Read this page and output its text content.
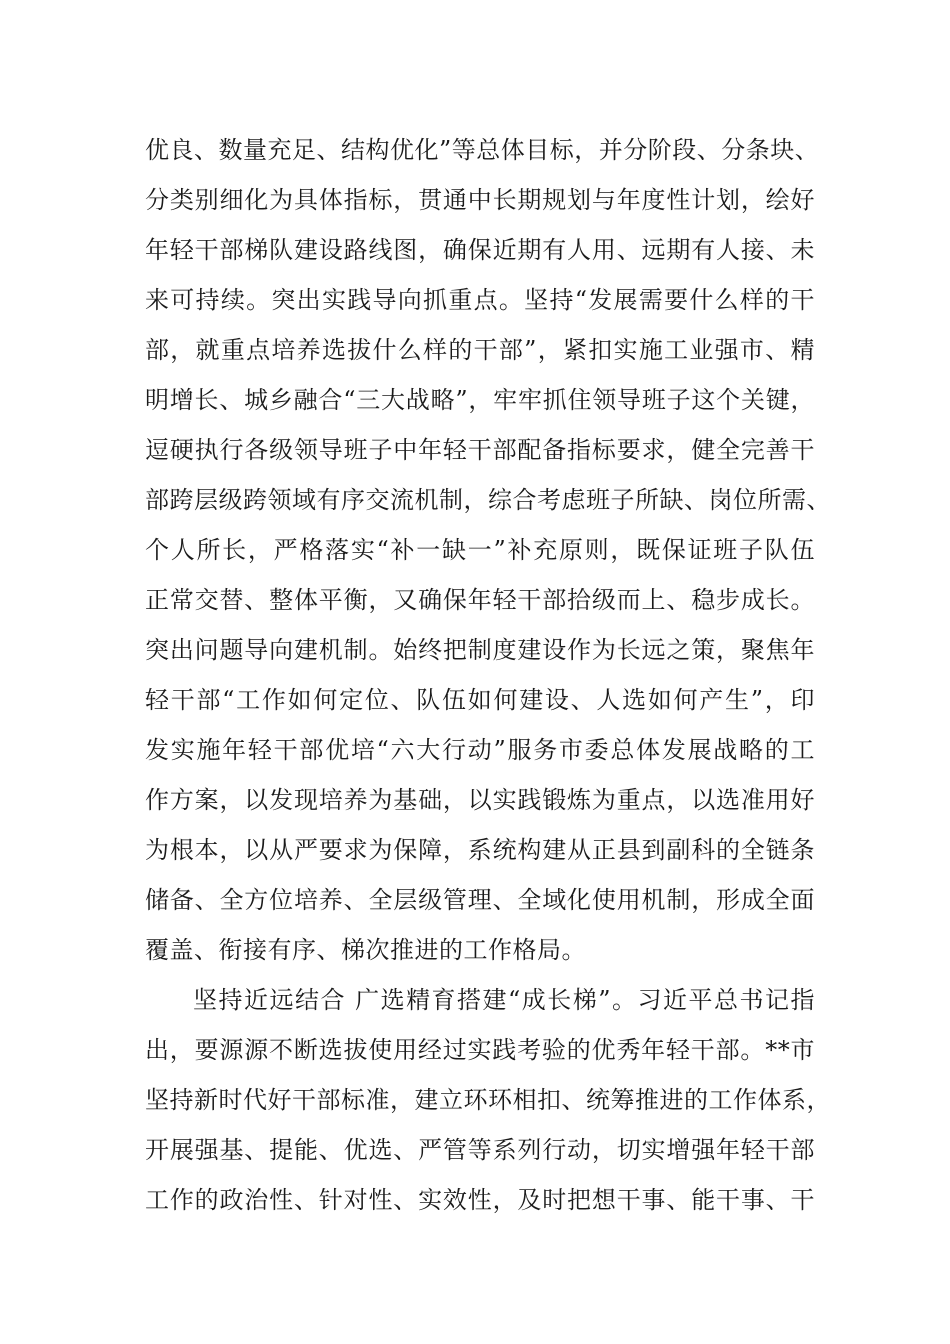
优良、数量充足、结构优化”等总体目标，并分阶段、分条块、
分类别细化为具体指标，贯通中长期规划与年度性计划，绘好
年轻干部梯队建设路线图，确保近期有人用、远期有人接、未
来可持续。突出实践导向抓重点。坚持“发展需要什么样的干
部，就重点培养选拔什么样的干部”，紧扣实施工业强市、精
明增长、城乡融合“三大战略”，牢牢抓住领导班子这个关键，
逗硬执行各级领导班子中年轻干部配备指标要求，健全完善干
部跨层级跨领域有序交流机制，综合考虑班子所缺、岗位所需、
个人所长，严格落实“补一缺一”补充原则，既保证班子队伍
正常交替、整体平衡，又确保年轻干部拾级而上、稳步成长。
突出问题导向建机制。始终把制度建设作为长远之策，聚焦年
轻干部“工作如何定位、队伍如何建设、人选如何产生”，印
发实施年轻干部优培“六大行动”服务市委总体发展战略的工
作方案，以发现培养为基础，以实践锻炼为重点，以选准用好
为根本，以从严要求为保障，系统构建从正县到副科的全链条
储备、全方位培养、全层级管理、全域化使用机制，形成全面
覆盖、衔接有序、梯次推进的工作格局。
坚持近远结合 广选精育搭建“成长梯”。习近平总书记指
出，要源源不断选拔使用经过实践考验的优秀年轻干部。**市
坚持新时代好干部标准，建立环环相扣、统筹推进的工作体系，
开展强基、提能、优选、严管等系列行动，切实增强年轻干部
工作的政治性、针对性、实效性，及时把想干事、能干事、干
